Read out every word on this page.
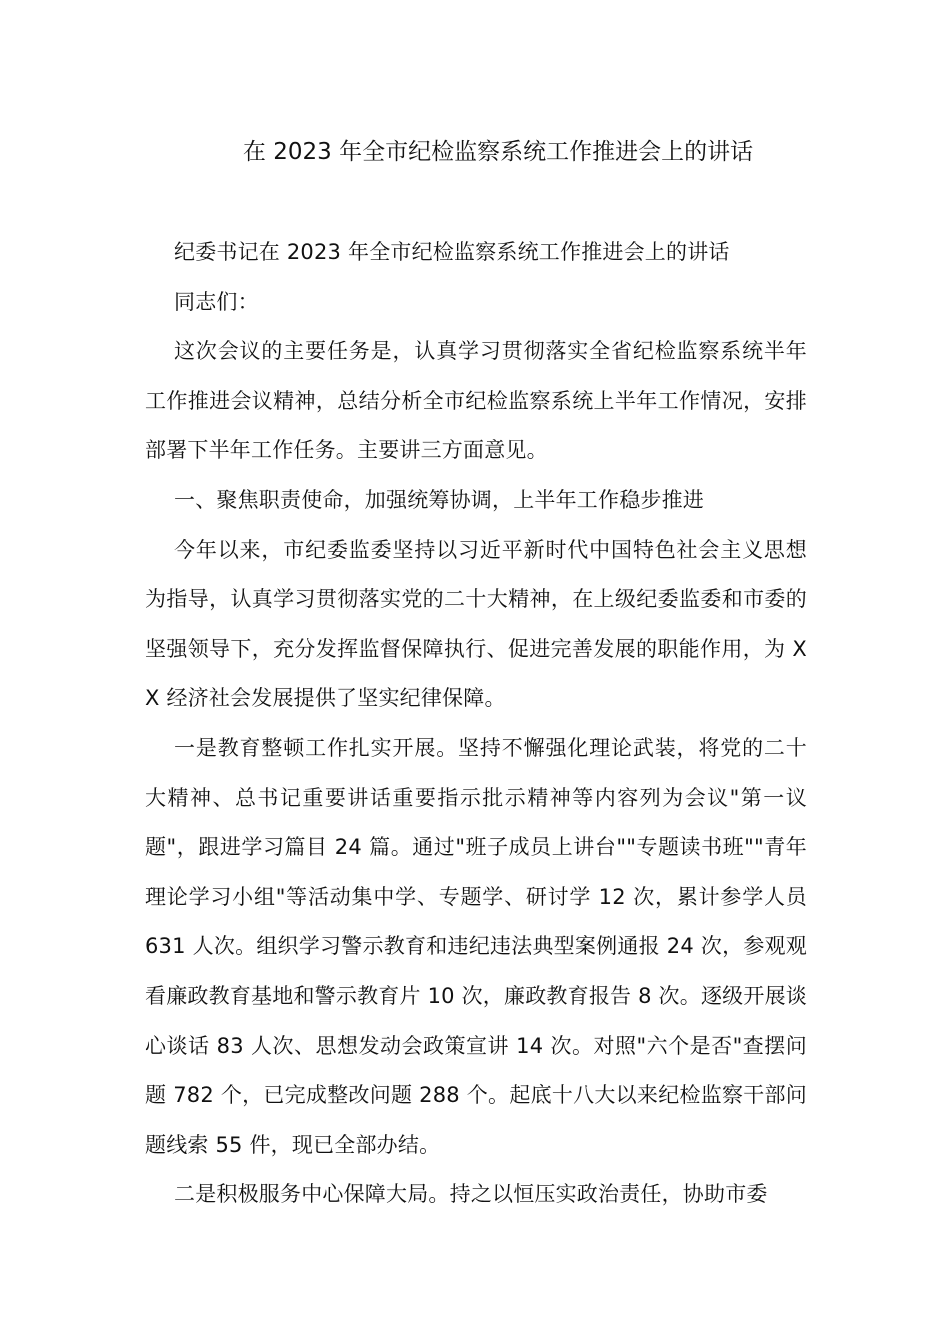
在 2023 年全市纪检监察系统工作推进会上的讲话

纪委书记在 2023 年全市纪检监察系统工作推进会上的讲话

同志们：

这次会议的主要任务是，认真学习贯彻落实全省纪检监察系统半年工作推进会议精神，总结分析全市纪检监察系统上半年工作情况，安排部署下半年工作任务。主要讲三方面意见。

一、聚焦职责使命，加强统筹协调，上半年工作稳步推进

今年以来，市纪委监委坚持以习近平新时代中国特色社会主义思想为指导，认真学习贯彻落实党的二十大精神，在上级纪委监委和市委的坚强领导下，充分发挥监督保障执行、促进完善发展的职能作用，为 XX 经济社会发展提供了坚实纪律保障。

一是教育整顿工作扎实开展。坚持不懈强化理论武装，将党的二十大精神、总书记重要讲话重要指示批示精神等内容列为会议"第一议题"，跟进学习篇目 24 篇。通过"班子成员上讲台""专题读书班""青年理论学习小组"等活动集中学、专题学、研讨学 12 次，累计参学人员 631 人次。组织学习警示教育和违纪违法典型案例通报 24 次，参观观看廉政教育基地和警示教育片 10 次，廉政教育报告 8 次。逐级开展谈心谈话 83 人次、思想发动会政策宣讲 14 次。对照"六个是否"查摆问题 782 个，已完成整改问题 288 个。起底十八大以来纪检监察干部问题线索 55 件，现已全部办结。

二是积极服务中心保障大局。持之以恒压实政治责任，协助市委
